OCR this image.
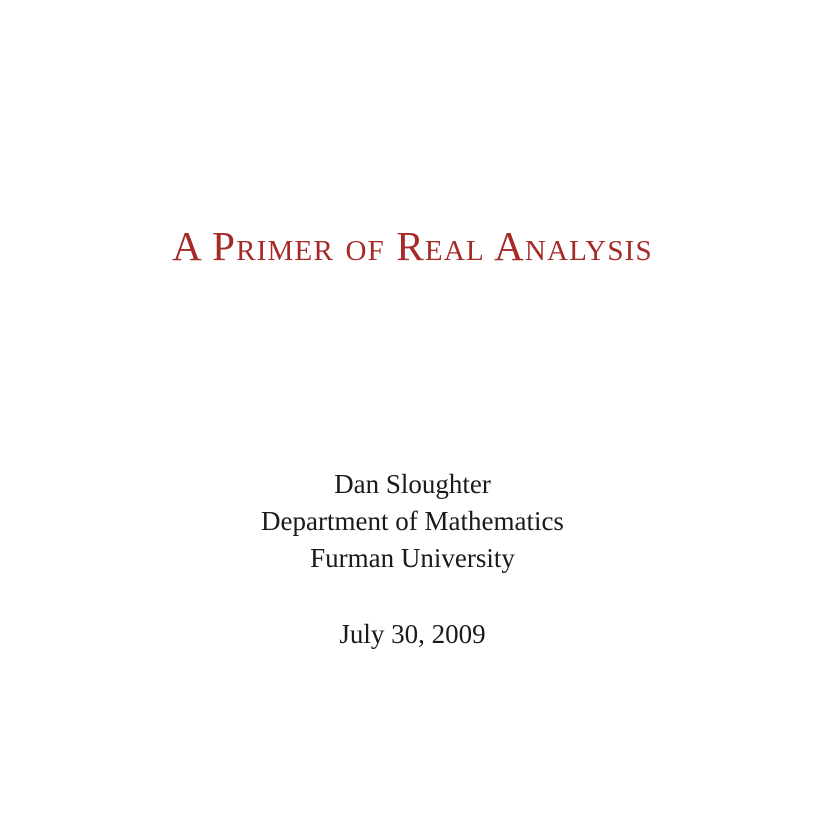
A Primer of Real Analysis
Dan Sloughter
Department of Mathematics
Furman University
July 30, 2009
